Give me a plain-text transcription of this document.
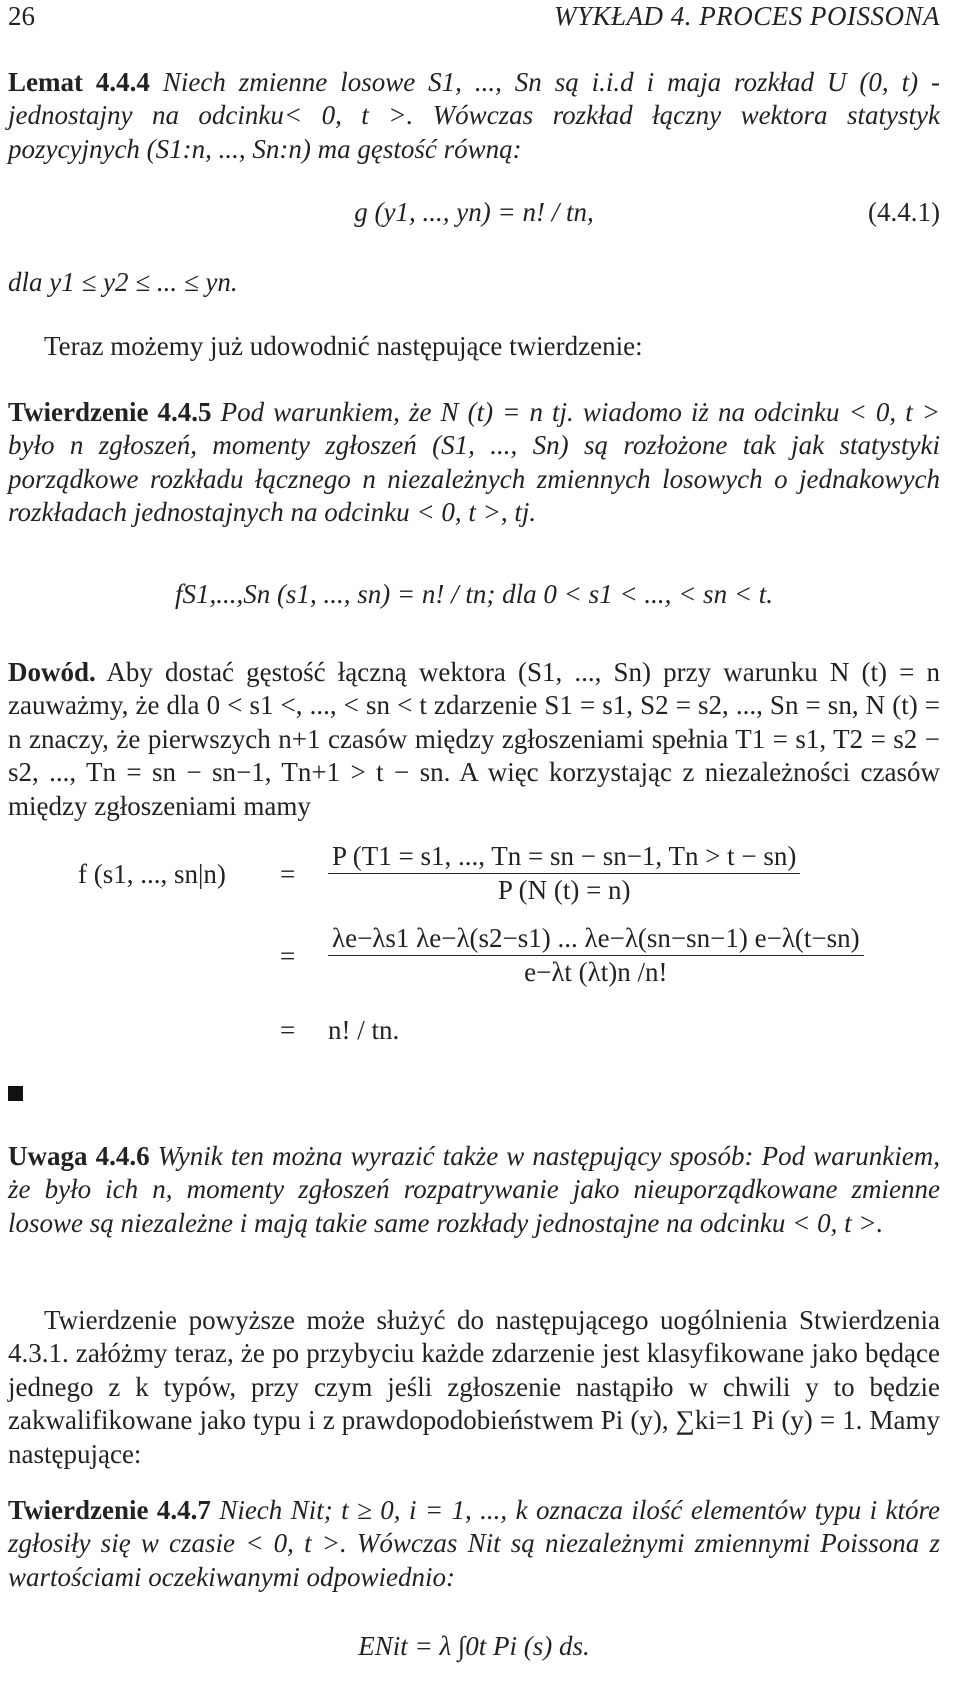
26	WYKŁAD 4. PROCES POISSONA
Lemat 4.4.4 Niech zmienne losowe S1, ..., Sn są i.i.d i maja rozkład U (0, t) -jednostajny na odcinku< 0, t >. Wówczas rozkład łączny wektora statystyk pozycyjnych (S1:n, ..., Sn:n) ma gęstość równą:
g (y1, ..., yn) = n! / tn,	(4.4.1)
dla y1 ≤ y2 ≤ ... ≤ yn.
Teraz możemy już udowodnić następujące twierdzenie:
Twierdzenie 4.4.5 Pod warunkiem, że N (t) = n tj. wiadomo iż na odcinku < 0, t > było n zgłoszeń, momenty zgłoszeń (S1, ..., Sn) są rozłożone tak jak statystyki porządkowe rozkładu łącznego n niezależnych zmiennych losowych o jednakowych rozkładach jednostajnych na odcinku < 0, t >, tj.
fS1,...,Sn (s1, ..., sn) = n! / tn; dla 0 < s1 < ..., < sn < t.
Dowód. Aby dostać gęstość łączną wektora (S1, ..., Sn) przy warunku N (t) = n zauważmy, że dla 0 < s1 <, ..., < sn < t zdarzenie S1 = s1, S2 = s2, ..., Sn = sn, N (t) = n znaczy, że pierwszych n+1 czasów między zgłoszeniami spełnia T1 = s1, T2 = s2 − s2, ..., Tn = sn − sn−1, Tn+1 > t − sn. A więc korzystając z niezależności czasów między zgłoszeniami mamy
f (s1, ..., $sn|n) = \frac{P (T1 = s1, ..., Tn = sn - sn-1, Tn > t - sn)}{P (N (t) = n)}$
= $\frac{\lambda e-\lambda s1 \lambda e-\lambda(s2-s1) ... \lambda e-\lambda(sn-sn-1) e-\lambda(t-sn)}{e-\lambda t (\lambda t)n /n!}$
= n! / tn.
Uwaga 4.4.6 Wynik ten można wyrazić także w następujący sposób: Pod warunkiem, że było ich n, momenty zgłoszeń rozpatrywanie jako nieuporządkowane zmienne losowe są niezależne i mają takie same rozkłady jednostajne na odcinku < 0, t >.
Twierdzenie powyższe może służyć do następującego uogólnienia Stwierdzenia 4.3.1. załóżmy teraz, że po przybyciu każde zdarzenie jest klasyfikowane jako będące jednego z k typów, przy czym jeśli zgłoszenie nastąpiło w chwili y to będzie zakwalifikowane jako typu i z prawdopodobieństwem Pi (y), ∑ki=1 Pi (y) = 1. Mamy następujące:
Twierdzenie 4.4.7 Niech Nit; t ≥ 0, i = 1, ..., k oznacza ilość elementów typu i które zgłosiły się w czasie < 0, t >. Wówczas Nit są niezależnymi zmiennymi Poissona z wartościami oczekiwanymi odpowiednio:
ENit = λ ∫0t Pi (s) ds.
